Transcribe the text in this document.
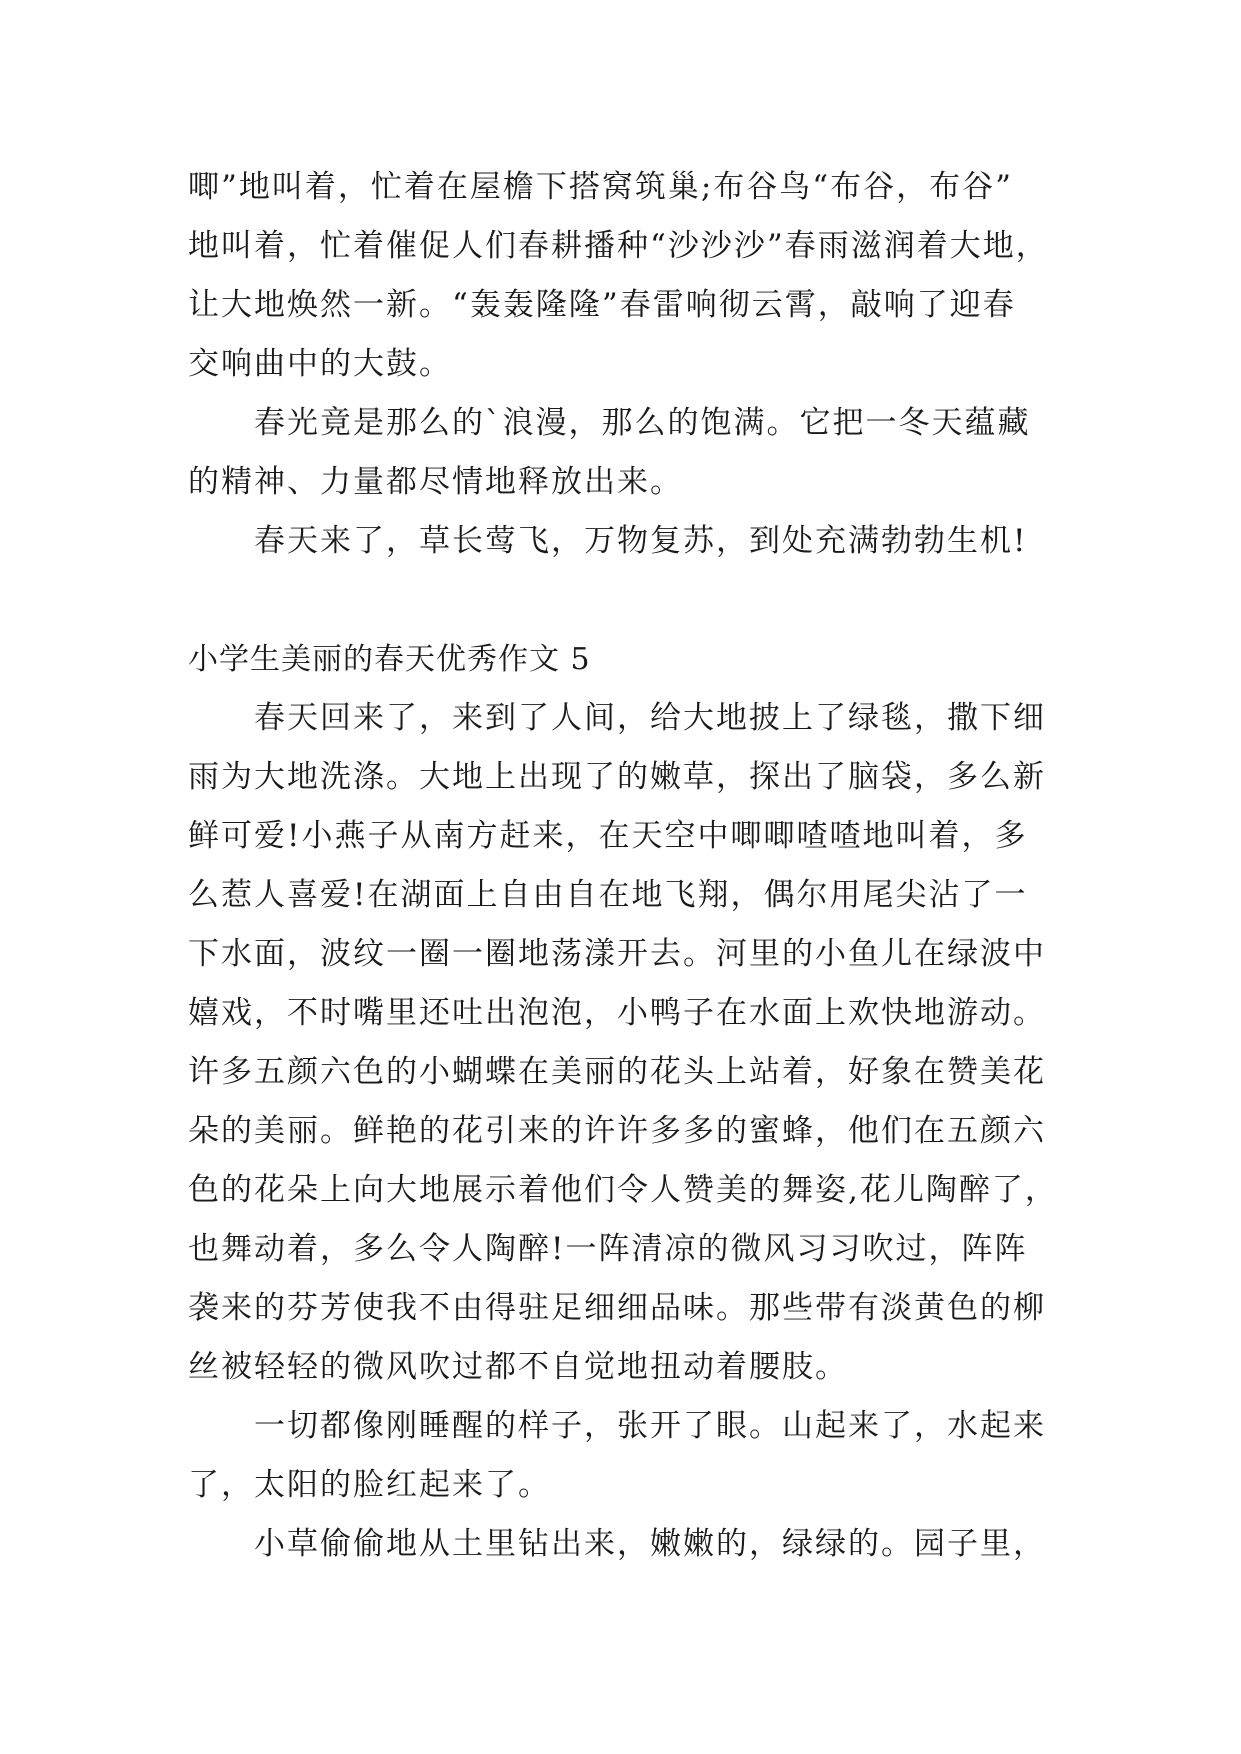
唧”地叫着，忙着在屋檐下搭窝筑巢;布谷鸟“布谷，布谷”
地叫着，忙着催促人们春耕播种“沙沙沙”春雨滋润着大地，
让大地焕然一新。“轰轰隆隆”春雷响彻云霄，敲响了迎春
交响曲中的大鼓。
春光竟是那么的`浪漫，那么的饱满。它把一冬天蕴藏
的精神、力量都尽情地释放出来。
春天来了，草长莺飞，万物复苏，到处充满勃勃生机!
小学生美丽的春天优秀作文 5
春天回来了，来到了人间，给大地披上了绿毯，撒下细
雨为大地洗涤。大地上出现了的嫩草，探出了脑袋，多么新
鲜可爱!小燕子从南方赶来，在天空中唧唧喳喳地叫着，多
么惹人喜爱!在湖面上自由自在地飞翔，偶尔用尾尖沾了一
下水面，波纹一圈一圈地荡漾开去。河里的小鱼儿在绿波中
嬉戏，不时嘴里还吐出泡泡，小鸭子在水面上欢快地游动。
许多五颜六色的小蝴蝶在美丽的花头上站着，好象在赞美花
朵的美丽。鲜艳的花引来的许许多多的蜜蜂，他们在五颜六
色的花朵上向大地展示着他们令人赞美的舞姿,花儿陶醉了，
也舞动着，多么令人陶醉!一阵清凉的微风习习吹过，阵阵
袭来的芬芳使我不由得驻足细细品味。那些带有淡黄色的柳
丝被轻轻的微风吹过都不自觉地扭动着腰肢。
一切都像刚睡醒的样子，张开了眼。山起来了，水起来
了，太阳的脸红起来了。
小草偷偷地从土里钻出来，嫩嫩的，绿绿的。园子里，
